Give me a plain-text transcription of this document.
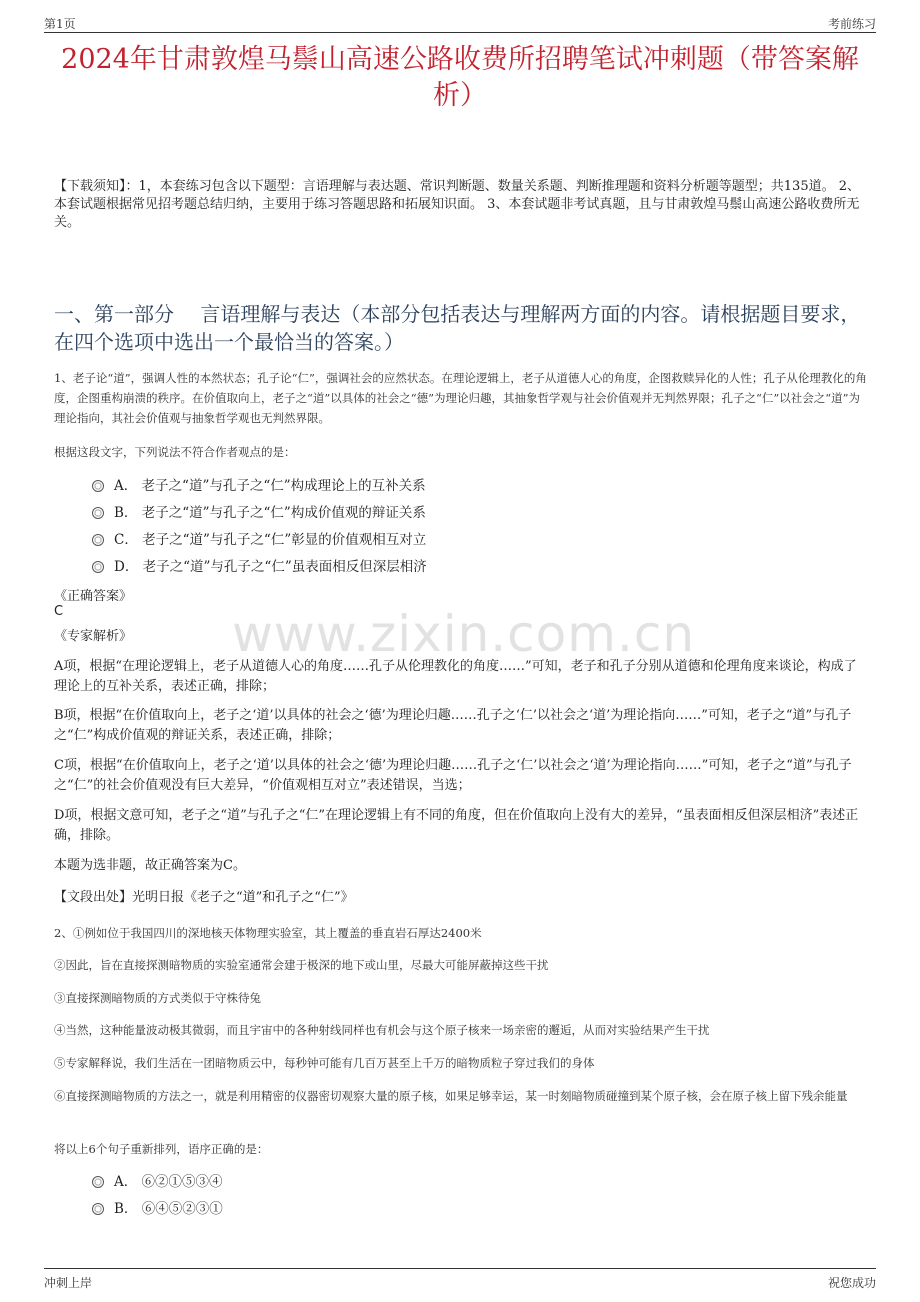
第1页	考前练习
2024年甘肃敦煌马鬃山高速公路收费所招聘笔试冲刺题（带答案解析）
【下载须知】：1，本套练习包含以下题型：言语理解与表达题、常识判断题、数量关系题、判断推理题和资料分析题等题型；共135道。 2、本套试题根据常见招考题总结归纳，主要用于练习答题思路和拓展知识面。 3、本套试题非考试真题，且与甘肃敦煌马鬃山高速公路收费所无关。
一、第一部分　 言语理解与表达（本部分包括表达与理解两方面的内容。请根据题目要求，在四个选项中选出一个最恰当的答案。）
1、老子论“道”，强调人性的本然状态；孔子论“仁”，强调社会的应然状态。在理论逻辑上，老子从道德人心的角度，企图救赎异化的人性；孔子从伦理教化的角度，企图重构崩溃的秩序。在价值取向上，老子之“道”以具体的社会之“德”为理论归趣，其抽象哲学观与社会价值观并无判然界限；孔子之“仁”以社会之“道”为理论指向，其社会价值观与抽象哲学观也无判然界限。
根据这段文字，下列说法不符合作者观点的是：
A． 老子之“道”与孔子之“仁”构成理论上的互补关系
B． 老子之“道”与孔子之“仁”构成价值观的辩证关系
C． 老子之“道”与孔子之“仁”彰显的价值观相互对立
D． 老子之“道”与孔子之“仁”虽表面相反但深层相济
《正确答案》
C
《专家解析》 www.zixin.com.cn
A项，根据“在理论逻辑上，老子从道德人心的角度……孔子从伦理教化的角度……”可知，老子和孔子分别从道德和伦理角度来谈论，构成了理论上的互补关系，表述正确，排除；
B项，根据“在价值取向上，老子之‘道’以具体的社会之‘德’为理论归趣……孔子之‘仁’以社会之‘道’为理论指向……”可知，老子之“道”与孔子之“仁”构成价值观的辩证关系，表述正确，排除；
C项，根据“在价值取向上，老子之‘道’以具体的社会之‘德’为理论归趣……孔子之‘仁’以社会之‘道’为理论指向……”可知，老子之“道”与孔子之“仁”的社会价值观没有巨大差异，“价值观相互对立”表述错误，当选；
D项，根据文意可知，老子之“道”与孔子之“仁”在理论逻辑上有不同的角度，但在价值取向上没有大的差异，“虽表面相反但深层相济”表述正确，排除。
本题为选非题，故正确答案为C。
【文段出处】光明日报《老子之“道”和孔子之“仁”》
2、①例如位于我国四川的深地核天体物理实验室，其上覆盖的垂直岩石厚达2400米
②因此，旨在直接探测暗物质的实验室通常会建于极深的地下或山里，尽最大可能屏蔽掉这些干扰
③直接探测暗物质的方式类似于守株待兔
④当然，这种能量波动极其微弱，而且宇宙中的各种射线同样也有机会与这个原子核来一场亲密的邂逅，从而对实验结果产生干扰
⑤专家解释说，我们生活在一团暗物质云中，每秒钟可能有几百万甚至上千万的暗物质粒子穿过我们的身体
⑥直接探测暗物质的方法之一，就是利用精密的仪器密切观察大量的原子核，如果足够幸运，某一时刻暗物质碰撞到某个原子核，会在原子核上留下残余能量
将以上6个句子重新排列，语序正确的是：
A． ⑥②①⑤③④
B． ⑥④⑤②③①
冲刺上岸	祝您成功
